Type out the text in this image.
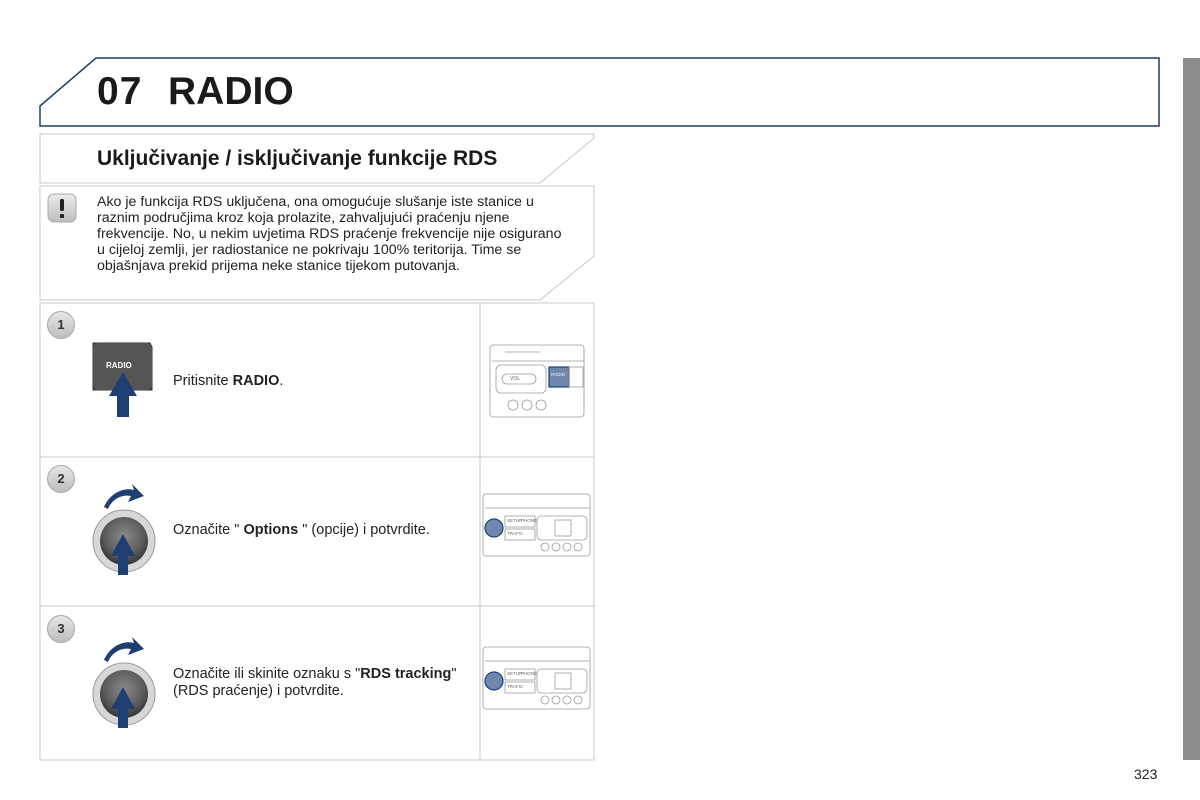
VOL
RADIO
SETUP
TRAFIC
PHONE
SETUP
TRAFIC
PHONE
07 RADIO
Uključivanje / isključivanje funkcije RDS
Ako je funkcija RDS uključena, ona omogućuje slušanje iste stanice u raznim područjima kroz koja prolazite, zahvaljujući praćenju njene frekvencije. No, u nekim uvjetima RDS praćenje frekvencije nije osigurano u cijeloj zemlji, jer radiostanice ne pokrivaju 100% teritorija. Time se objašnjava prekid prijema neke stanice tijekom putovanja.
1
2
3
RADIO
Pritisnite RADIO.
Označite " Options " (opcije) i potvrdite.
Označite ili skinite oznaku s "RDS tracking" (RDS praćenje) i potvrdite.
323
